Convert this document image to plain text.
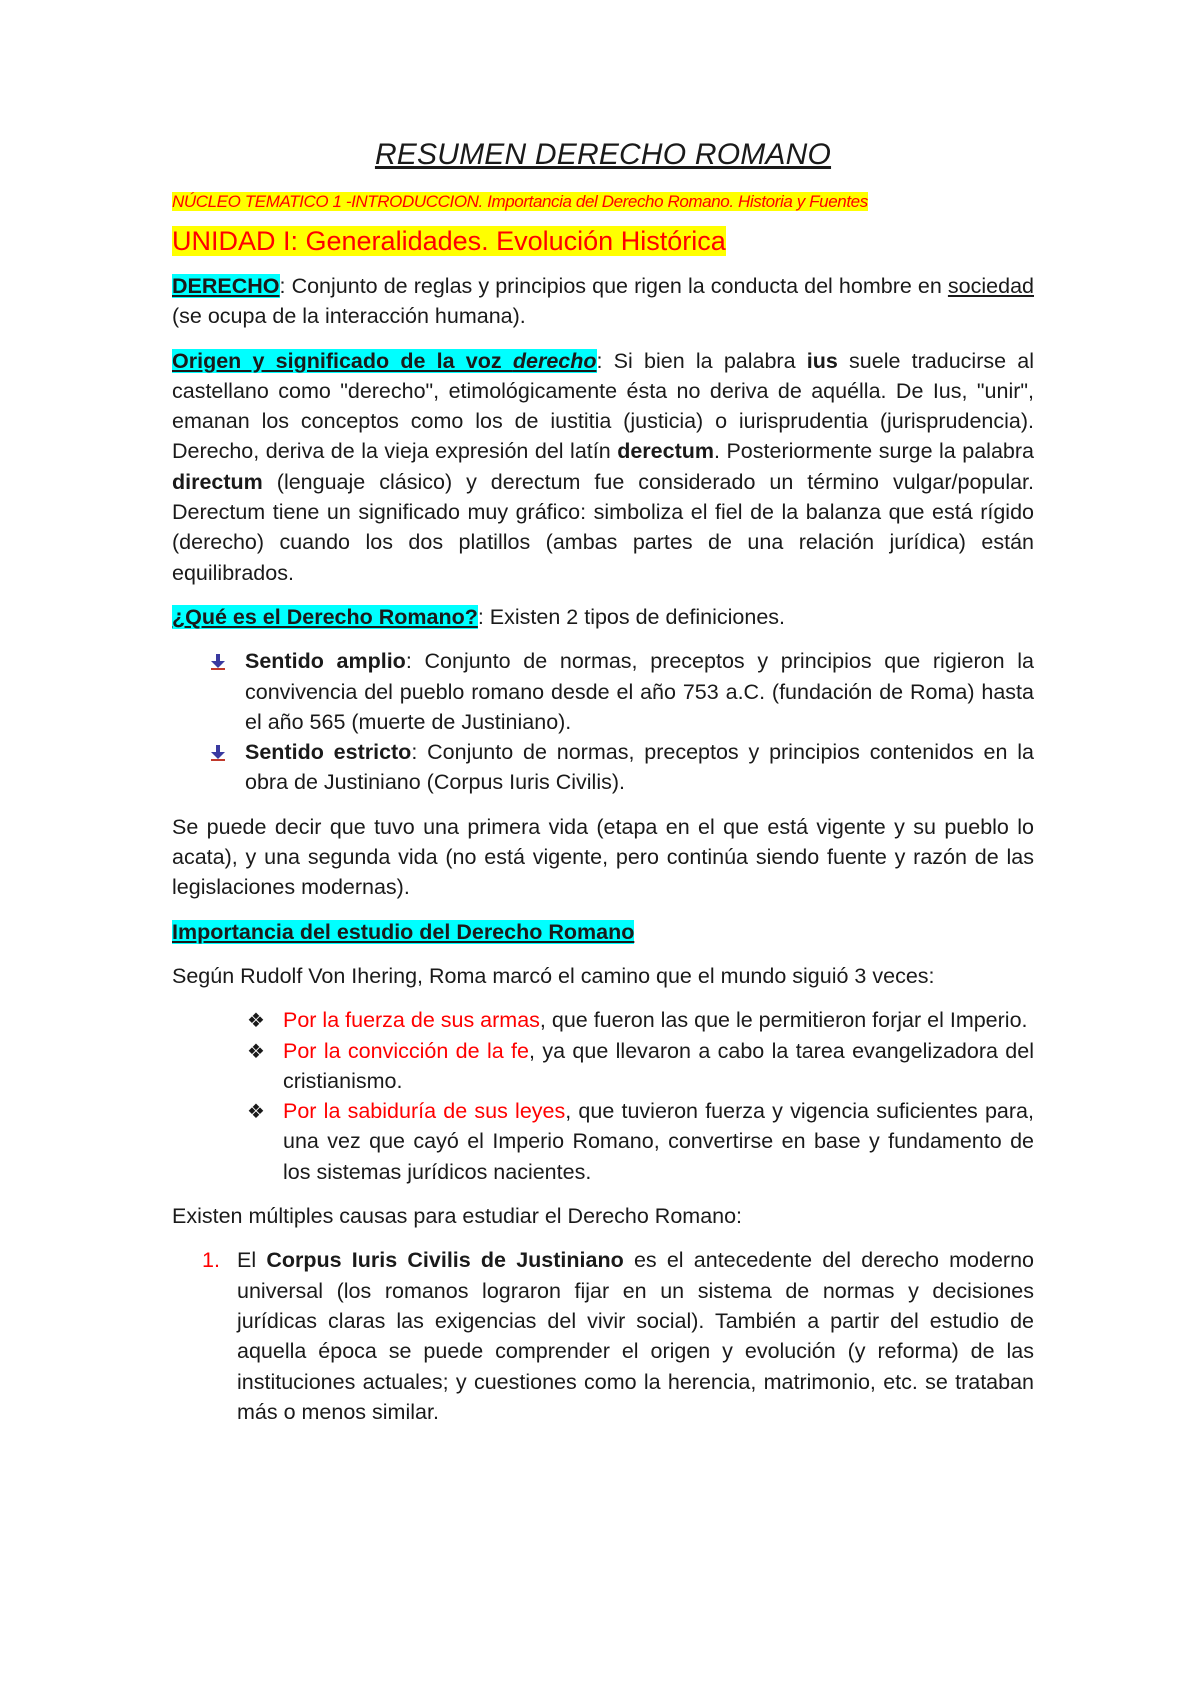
RESUMEN DERECHO ROMANO
NÚCLEO TEMATICO 1 -INTRODUCCION. Importancia del Derecho Romano. Historia y Fuentes
UNIDAD I: Generalidades. Evolución Histórica

DERECHO: Conjunto de reglas y principios que rigen la conducta del hombre en sociedad (se ocupa de la interacción humana).

Origen y significado de la voz derecho: Si bien la palabra ius suele traducirse al castellano como "derecho", etimológicamente ésta no deriva de aquélla. De Ius, "unir", emanan los conceptos como los de iustitia (justicia) o iurisprudentia (jurisprudencia). Derecho, deriva de la vieja expresión del latín derectum. Posteriormente surge la palabra directum (lenguaje clásico) y derectum fue considerado un término vulgar/popular. Derectum tiene un significado muy gráfico: simboliza el fiel de la balanza que está rígido (derecho) cuando los dos platillos (ambas partes de una relación jurídica) están equilibrados.

¿Qué es el Derecho Romano?: Existen 2 tipos de definiciones.

Sentido amplio: Conjunto de normas, preceptos y principios que rigieron la convivencia del pueblo romano desde el año 753 a.C. (fundación de Roma) hasta el año 565 (muerte de Justiniano).
Sentido estricto: Conjunto de normas, preceptos y principios contenidos en la obra de Justiniano (Corpus Iuris Civilis).

Se puede decir que tuvo una primera vida (etapa en el que está vigente y su pueblo lo acata), y una segunda vida (no está vigente, pero continúa siendo fuente y razón de las legislaciones modernas).

Importancia del estudio del Derecho Romano

Según Rudolf Von Ihering, Roma marcó el camino que el mundo siguió 3 veces:

❖ Por la fuerza de sus armas, que fueron las que le permitieron forjar el Imperio.
❖ Por la convicción de la fe, ya que llevaron a cabo la tarea evangelizadora del cristianismo.
❖ Por la sabiduría de sus leyes, que tuvieron fuerza y vigencia suficientes para, una vez que cayó el Imperio Romano, convertirse en base y fundamento de los sistemas jurídicos nacientes.

Existen múltiples causas para estudiar el Derecho Romano:

1. El Corpus Iuris Civilis de Justiniano es el antecedente del derecho moderno universal (los romanos lograron fijar en un sistema de normas y decisiones jurídicas claras las exigencias del vivir social). También a partir del estudio de aquella época se puede comprender el origen y evolución (y reforma) de las instituciones actuales; y cuestiones como la herencia, matrimonio, etc. se trataban más o menos similar.
